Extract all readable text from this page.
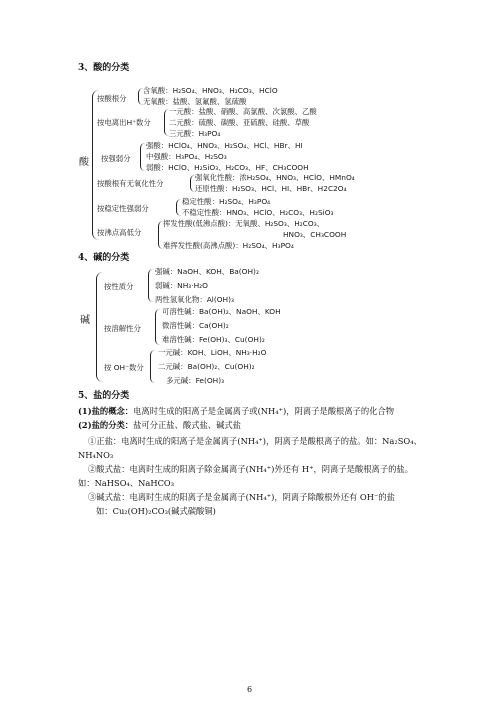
3、酸的分类
酸
按酸根分
含氧酸：H₂SO₄、HNO₃、H₂CO₃、HClO
无氧酸：盐酸、氢氟酸、氢硫酸
按电离出H⁺数分
一元酸：盐酸、硝酸、高氯酸、次氯酸、乙酸
二元酸：硫酸、碳酸、亚硫酸、硅酸、草酸
三元酸：H₃PO₄
按强弱分
强酸：HClO₄、HNO₃、H₂SO₄、HCl、HBr、HI
中强酸：H₃PO₄、H₂SO₃
弱酸：HClO、H₂SiO₃、H₂CO₃、HF、CH₃COOH
按酸根有无氧化性分
强氧化性酸：浓H₂SO₄、HNO₃、HClO、HMnO₄
还原性酸：H₂SO₃、HCl、HI、HBr、H2C2O₄
按稳定性强弱分
稳定性酸：H₂SO₄、H₃PO₄
不稳定性酸：HNO₃、HClO、H₂CO₃、H₂SiO₃
按沸点高低分
挥发性酸(低沸点酸)：无氧酸、H₂SO₃、H₂CO₃、
HNO₃、CH₃COOH
难挥发性酸(高沸点酸)：H₂SO₄、H₃PO₄
4、碱的分类
碱
按性质分
强碱：NaOH、KOH、Ba(OH)₂
弱碱：NH₃·H₂O
两性氢氧化物：Al(OH)₃
按溶解性分
可溶性碱：Ba(OH)₂、NaOH、KOH
微溶性碱：Ca(OH)₂
难溶性碱：Fe(OH)₃、Cu(OH)₂
按 OH⁻数分
一元碱：KOH、LiOH、NH₃·H₂O
二元碱：Ba(OH)₂、Cu(OH)₂
多元碱：Fe(OH)₃
5、盐的分类
(1)盐的概念：电离时生成的阳离子是金属离子或(NH₄⁺)，阴离子是酸根离子的化合物
(2)盐的分类：盐可分正盐、酸式盐、碱式盐
①正盐：电离时生成的阳离子是金属离子(NH₄⁺)，阴离子是酸根离子的盐。如：Na₂SO₄、
NH₄NO₃
②酸式盐：电离时生成的阳离子除金属离子(NH₄⁺)外还有 H⁺，阴离子是酸根离子的盐。
如：NaHSO₄、NaHCO₃
③碱式盐：电离时生成的阳离子是金属离子(NH₄⁺)，阴离子除酸根外还有 OH⁻的盐
如：Cu₂(OH)₂CO₃(碱式碳酸铜)
6
